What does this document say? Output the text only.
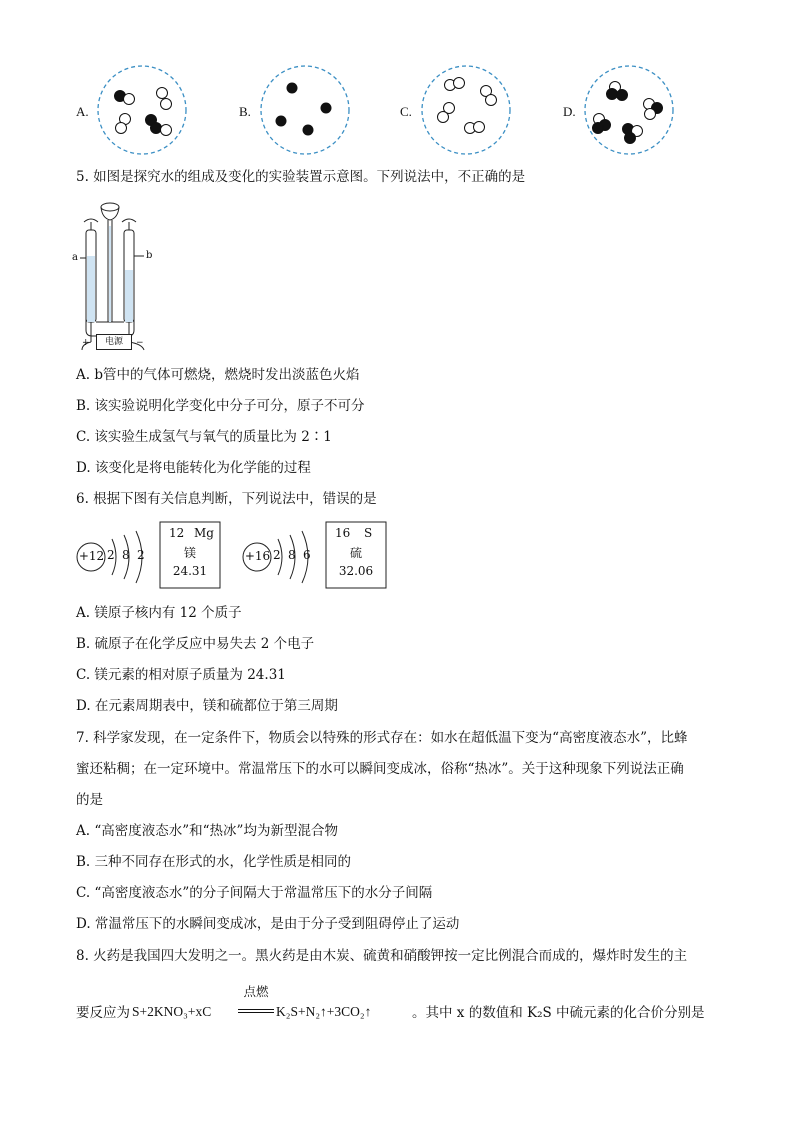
A.	B.	C.	D.
5. 如图是探究水的组成及变化的实验装置示意图。下列说法中，不正确的是
a	b
电源
+	−
A. b管中的气体可燃烧，燃烧时发出淡蓝色火焰
B. 该实验说明化学变化中分子可分，原子不可分
C. 该实验生成氢气与氧气的质量比为 2∶1
D. 该变化是将电能转化为化学能的过程
6. 根据下图有关信息判断，下列说法中，错误的是
+12 2 8 2
12 Mg
镁
24.31
+16 2 8 6
16 S
硫
32.06
A. 镁原子核内有 12 个质子
B. 硫原子在化学反应中易失去 2 个电子
C. 镁元素的相对原子质量为 24.31
D. 在元素周期表中，镁和硫都位于第三周期
7. 科学家发现，在一定条件下，物质会以特殊的形式存在：如水在超低温下变为“高密度液态水”，比蜂
蜜还粘稠；在一定环境中。常温常压下的水可以瞬间变成冰，俗称“热冰”。关于这种现象下列说法正确
的是
A. “高密度液态水”和“热冰”均为新型混合物
B. 三种不同存在形式的水，化学性质是相同的
C. “高密度液态水”的分子间隔大于常温常压下的水分子间隔
D. 常温常压下的水瞬间变成冰，是由于分子受到阻碍停止了运动
8. 火药是我国四大发明之一。黑火药是由木炭、硫黄和硝酸钾按一定比例混合而成的，爆炸时发生的主
要反应为 S+2KNO₃+xC
点燃
K₂S+N₂↑+3CO₂↑	。其中 x 的数值和 K₂S 中硫元素的化合价分别是
